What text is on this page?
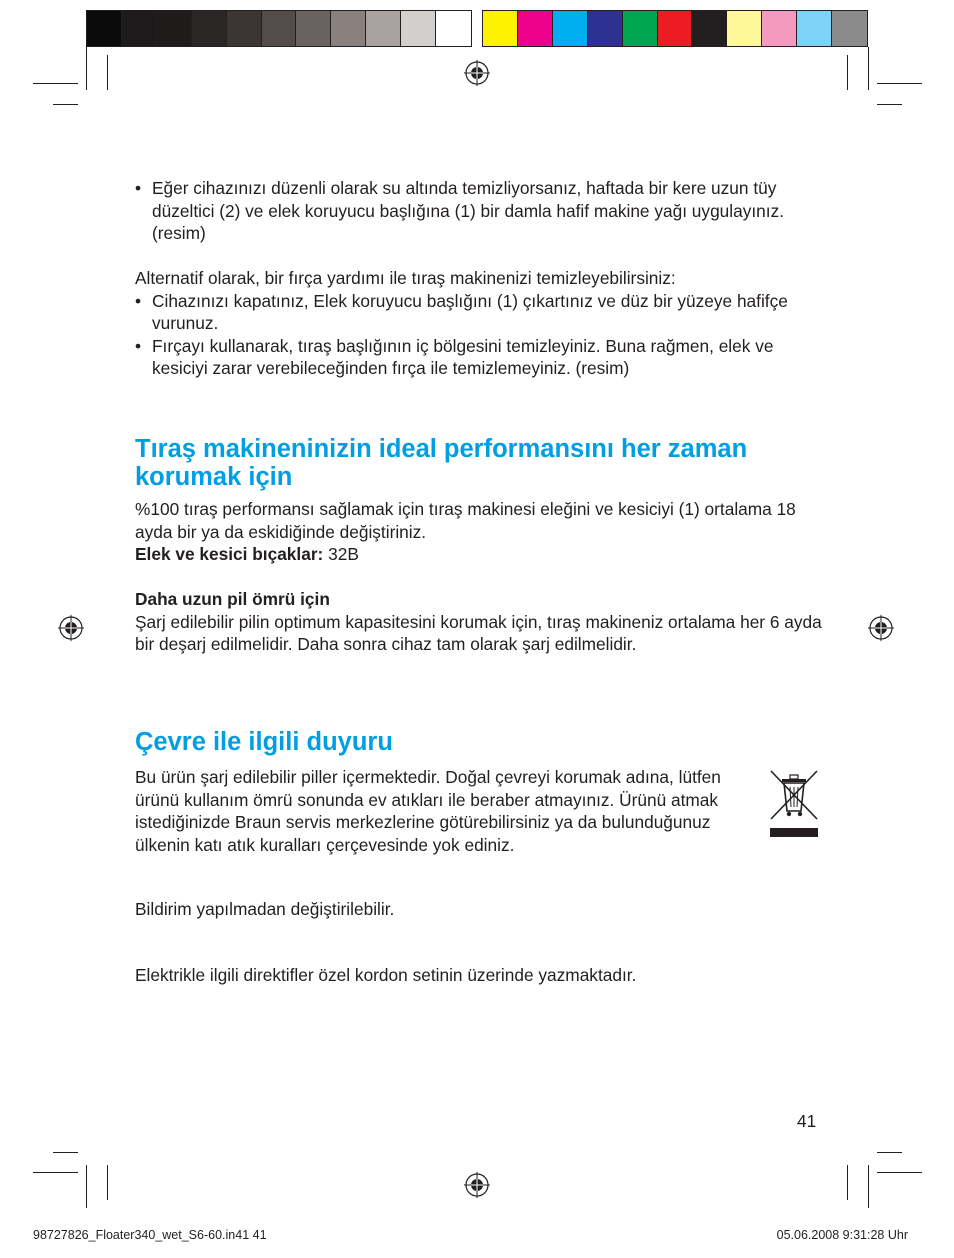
• Eğer cihazınızı düzenli olarak su altında temizliyorsanız, haftada bir kere uzun tüy düzeltici (2) ve elek koruyucu başlığına (1) bir damla hafif makine yağı uygulayınız. (resim)

Alternatif olarak, bir fırça yardımı ile tıraş makinenizi temizleyebilirsiniz:

• Cihazınızı kapatınız, Elek koruyucu başlığını (1) çıkartınız ve düz bir yüzeye hafifçe vurunuz.
• Fırçayı kullanarak, tıraş başlığının iç bölgesini temizleyiniz. Buna rağmen, elek ve kesiciyi zarar verebileceğinden fırça ile temizlemeyiniz. (resim)
Tıraş makineninizin ideal performansını her zaman korumak için

%100 tıraş performansı sağlamak için tıraş makinesi eleğini ve kesiciyi (1) ortalama 18 ayda bir ya da eskidiğinde değiştiriniz.

Elek ve kesici bıçaklar: 32B

Daha uzun pil ömrü için

Şarj edilebilir pilin optimum kapasitesini korumak için, tıraş makineniz ortalama her 6 ayda bir deşarj edilmelidir. Daha sonra cihaz tam olarak şarj edilmelidir.

Çevre ile ilgili duyuru

Bu ürün şarj edilebilir piller içermektedir. Doğal çevreyi korumak adına, lütfen ürünü kullanım ömrü sonunda ev atıkları ile beraber atmayınız. Ürünü atmak istediğinizde Braun servis merkezlerine götürebilirsiniz ya da bulunduğunuz ülkenin katı atık kuralları çerçevesinde yok ediniz.

Bildirim yapılmadan değiştirilebilir.
Elektrikle ilgili direktifler özel kordon setinin üzerinde yazmaktadır.
41
98727826_Floater340_wet_S6-60.in41 41	05.06.2008 9:31:28 Uhr
